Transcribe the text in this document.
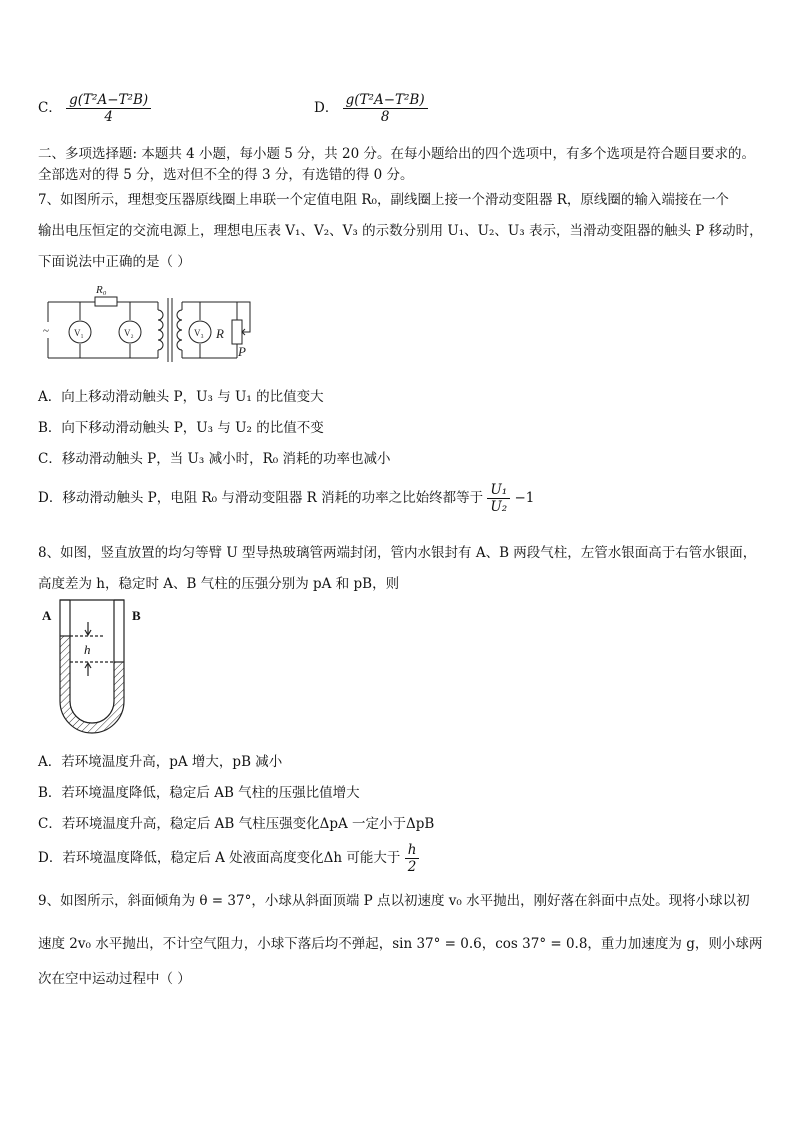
C． $\frac{\text{g(T²A−T²B)}}{4}$	D． $\frac{\text{g(T²A−T²B)}}{8}$
二、多项选择题: 本题共 4 小题，每小题 5 分，共 20 分。在每小题给出的四个选项中，有多个选项是符合题目要求的。
全部选对的得 5 分，选对但不全的得 3 分，有选错的得 0 分。
7、如图所示，理想变压器原线圈上串联一个定值电阻 R₀，副线圈上接一个滑动变阻器 R，原线圈的输入端接在一个
输出电压恒定的交流电源上，理想电压表 V₁、V₂、V₃ 的示数分别用 U₁、U₂、U₃ 表示，当滑动变阻器的触头 P 移动时，
下面说法中正确的是（ ）
~
R₀
V₁	V₂	V₃ R
P
A．向上移动滑动触头 P，U₃ 与 U₁ 的比值变大
B．向下移动滑动触头 P，U₃ 与 U₂ 的比值不变
C．移动滑动触头 P，当 U₃ 减小时，R₀ 消耗的功率也减小
D．移动滑动触头 P，电阻 R₀ 与滑动变阻器 R 消耗的功率之比始终都等于 $\frac{\text{U₁}}{\text{U₂}} -1$
8、如图，竖直放置的均匀等臂 U 型导热玻璃管两端封闭，管内水银封有 A、B 两段气柱，左管水银面高于右管水银面，
高度差为 h，稳定时 A、B 气柱的压强分别为 pA 和 pB，则
A	B
h
A．若环境温度升高，pA 增大，pB 减小
B．若环境温度降低，稳定后 AB 气柱的压强比值增大
C．若环境温度升高，稳定后 AB 气柱压强变化ΔpA 一定小于ΔpB
D．若环境温度降低，稳定后 A 处液面高度变化Δh 可能大于 $\frac{h}{2}$
9、如图所示，斜面倾角为 θ = 37°，小球从斜面顶端 P 点以初速度 v₀ 水平抛出，刚好落在斜面中点处。现将小球以初
速度 2v₀ 水平抛出，不计空气阻力，小球下落后均不弹起，sin 37° = 0.6，cos 37° = 0.8，重力加速度为 g，则小球两
次在空中运动过程中（ ）
